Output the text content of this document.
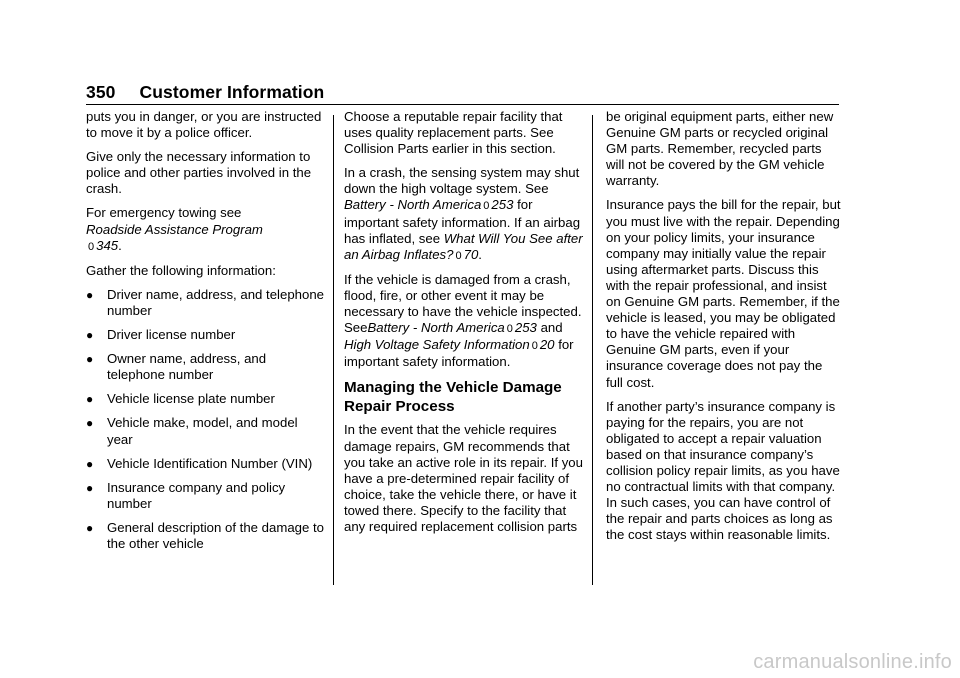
350 Customer Information

puts you in danger, or you are instructed to move it by a police officer.

Give only the necessary information to police and other parties involved in the crash.

For emergency towing see
Roadside Assistance Program
0 345.

Gather the following information:

● Driver name, address, and telephone number
● Driver license number
● Owner name, address, and telephone number
● Vehicle license plate number
● Vehicle make, model, and model year
● Vehicle Identification Number (VIN)
● Insurance company and policy number
● General description of the damage to the other vehicle

Choose a reputable repair facility that uses quality replacement parts. See Collision Parts earlier in this section.

In a crash, the sensing system may shut down the high voltage system. See Battery - North America 0 253 for important safety information. If an airbag has inflated, see What Will You See after an Airbag Inflates? 0 70.

If the vehicle is damaged from a crash, flood, fire, or other event it may be necessary to have the vehicle inspected. SeeBattery - North America 0 253 and High Voltage Safety Information 0 20 for important safety information.

Managing the Vehicle Damage Repair Process

In the event that the vehicle requires damage repairs, GM recommends that you take an active role in its repair. If you have a pre-determined repair facility of choice, take the vehicle there, or have it towed there. Specify to the facility that any required replacement collision parts

be original equipment parts, either new Genuine GM parts or recycled original GM parts. Remember, recycled parts will not be covered by the GM vehicle warranty.

Insurance pays the bill for the repair, but you must live with the repair. Depending on your policy limits, your insurance company may initially value the repair using aftermarket parts. Discuss this with the repair professional, and insist on Genuine GM parts. Remember, if the vehicle is leased, you may be obligated to have the vehicle repaired with Genuine GM parts, even if your insurance coverage does not pay the full cost.

If another party’s insurance company is paying for the repairs, you are not obligated to accept a repair valuation based on that insurance company’s collision policy repair limits, as you have no contractual limits with that company. In such cases, you can have control of the repair and parts choices as long as the cost stays within reasonable limits.

carmanualsonline.info
